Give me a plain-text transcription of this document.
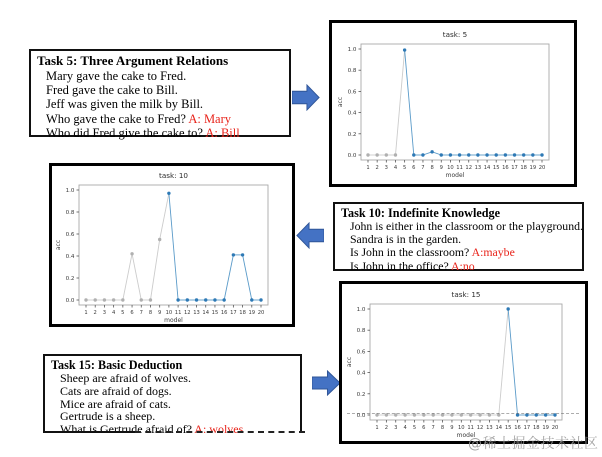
Task 5: Three Argument Relations
Mary gave the cake to Fred.
Fred gave the cake to Bill.
Jeff was given the milk by Bill.
Who gave the cake to Fred? A: Mary
Who did Fred give the cake to? A: Bill
task: 5
0.0
0.2
0.4
0.6
0.8
1.0
1 2 3 4 5 6 7 8 9 10 11 12 13 14 15 16 17 18 19 20
acc
model
task: 10
0.0
0.2
0.4
0.6
0.8
1.0
1 2 3 4 5 6 7 8 9 10 11 12 13 14 15 16 17 18 19 20
acc
model
Task 10: Indefinite Knowledge
John is either in the classroom or the playground.
Sandra is in the garden.
Is John in the classroom? A:maybe
Is John in the office? A:no
Task 15: Basic Deduction
Sheep are afraid of wolves.
Cats are afraid of dogs.
Mice are afraid of cats.
Gertrude is a sheep.
What is Gertrude afraid of? A: wolves
task: 15
0.0
0.2
0.4
0.6
0.8
1.0
1 2 3 4 5 6 7 8 9 10 11 12 13 14 15 16 17 18 19 20
acc
model
@稀土掘金技术社区
